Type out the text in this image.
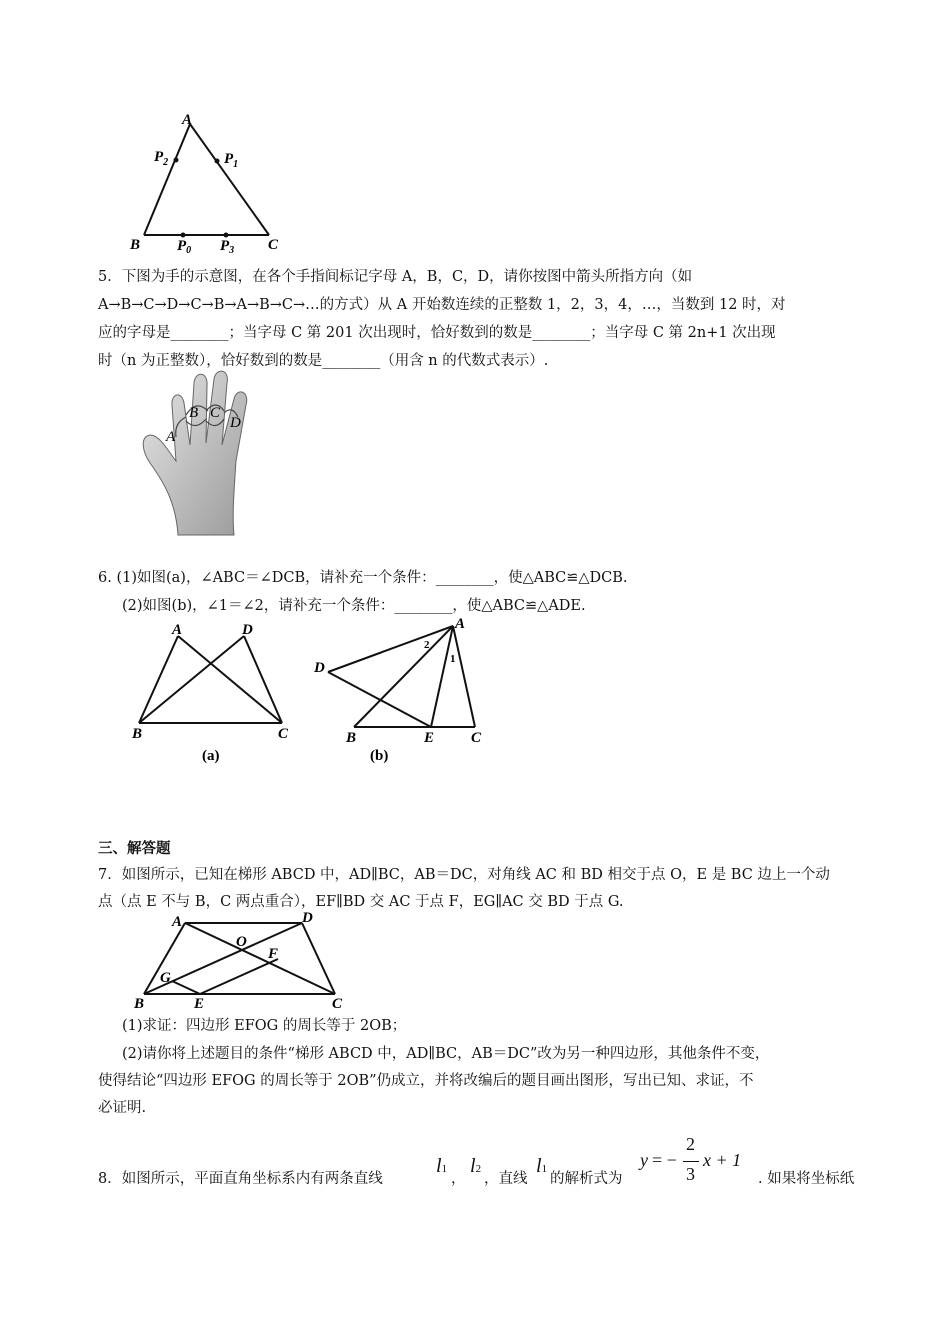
A
B	C
$P_2$	$P_1$
$P_0$ $P_3$
5．下图为手的示意图，在各个手指间标记字母 A，B，C，D，请你按图中箭头所指方向（如
A→B→C→D→C→B→A→B→C→…的方式）从 A 开始数连续的正整数 1，2，3，4，…，当数到 12 时，对
应的字母是________；当字母 C 第 201 次出现时，恰好数到的数是________；当字母 C 第 2n+1 次出现
时（n 为正整数），恰好数到的数是________（用含 n 的代数式表示）.
A
B C
D
6. (1)如图(a)，∠ABC＝∠DCB，请补充一个条件：________，使△ABC≌△DCB.
(2)如图(b)，∠1＝∠2，请补充一个条件：________，使△ABC≌△ADE.
A	D
B	C
(a)
A
D
B	E C
2
1
(b)
三、解答题
7．如图所示，已知在梯形 ABCD 中，AD∥BC，AB＝DC，对角线 AC 和 BD 相交于点 O，E 是 BC 边上一个动
点（点 E 不与 B，C 两点重合），EF∥BD 交 AC 于点 F，EG∥AC 交 BD 于点 G.
A	D
O
F
G
B	E	C
(1)求证：四边形 EFOG 的周长等于 2OB；
(2)请你将上述题目的条件“梯形 ABCD 中，AD∥BC，AB＝DC”改为另一种四边形，其他条件不变，
使得结论“四边形 EFOG 的周长等于 2OB”仍成立，并将改编后的题目画出图形，写出已知、求证，不
必证明.
8．如图所示，平面直角坐标系内有两条直线
l1
，
l2
，直线
l1
的解析式为
y = −
2
3
x + 1
. 如果将坐标纸
